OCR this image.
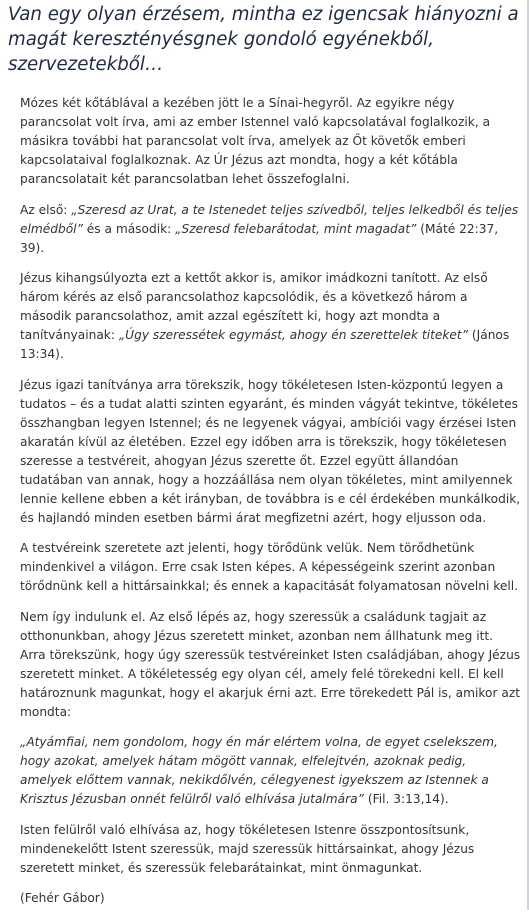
Van egy olyan érzésem, mintha ez igencsak hiányozni a
magát keresztényésgnek gondoló egyénekből,
szervezetekből…

Mózes két kőtáblával a kezében jött le a Sínai-hegyről. Az egyikre négy parancsolat volt írva, ami az ember Istennel való kapcsolatával foglalkozik, a másikra további hat parancsolat volt írva, amelyek az Őt követők emberi kapcsolataival foglalkoznak. Az Úr Jézus azt mondta, hogy a két kőtábla parancsolatait két parancsolatban lehet összefoglalni.

Az első: „Szeresd az Urat, a te Istenedet teljes szívedből, teljes lelkedből és teljes elmédből” és a második: „Szeresd felebarátodat, mint magadat” (Máté 22:37, 39).

Jézus kihangsúlyozta ezt a kettőt akkor is, amikor imádkozni tanított. Az első három kérés az első parancsolathoz kapcsolódik, és a következő három a második parancsolathoz, amit azzal egészített ki, hogy azt mondta a tanítványainak: „Úgy szeressétek egymást, ahogy én szerettelek titeket” (János 13:34).

Jézus igazi tanítványa arra törekszik, hogy tökéletesen Isten-központú legyen a tudatos – és a tudat alatti szinten egyaránt, és minden vágyát tekintve, tökéletes összhangban legyen Istennel; és ne legyenek vágyai, ambíciói vagy érzései Isten akaratán kívül az életében. Ezzel egy időben arra is törekszik, hogy tökéletesen szeresse a testvéreit, ahogyan Jézus szerette őt. Ezzel együtt állandóan tudatában van annak, hogy a hozzáállása nem olyan tökéletes, mint amilyennek lennie kellene ebben a két irányban, de továbbra is e cél érdekében munkálkodik, és hajlandó minden esetben bármi árat megfizetni azért, hogy eljusson oda.

A testvéreink szeretete azt jelenti, hogy törődünk velük. Nem törődhetünk mindenkivel a világon. Erre csak Isten képes. A képességeink szerint azonban törődnünk kell a hittársainkkal; és ennek a kapacitását folyamatosan növelni kell.

Nem így indulunk el. Az első lépés az, hogy szeressük a családunk tagjait az otthonunkban, ahogy Jézus szeretett minket, azonban nem állhatunk meg itt. Arra törekszünk, hogy úgy szeressük testvéreinket Isten családjában, ahogy Jézus szeretett minket. A tökéletesség egy olyan cél, amely felé törekedni kell. El kell határoznunk magunkat, hogy el akarjuk érni azt. Erre törekedett Pál is, amikor azt mondta:

„Atyámfiai, nem gondolom, hogy én már elértem volna, de egyet cselekszem, hogy azokat, amelyek hátam mögött vannak, elfelejtvén, azoknak pedig, amelyek előttem vannak, nekikdőlvén, célegyenest igyekszem az Istennek a Krisztus Jézusban onnét felülről való elhívása jutalmára” (Fil. 3:13,14).

Isten felülről való elhívása az, hogy tökéletesen Istenre összpontosítsunk, mindenekelőtt Istent szeressük, majd szeressük hittársainkat, ahogy Jézus szeretett minket, és szeressük felebarátainkat, mint önmagunkat.

(Fehér Gábor)
